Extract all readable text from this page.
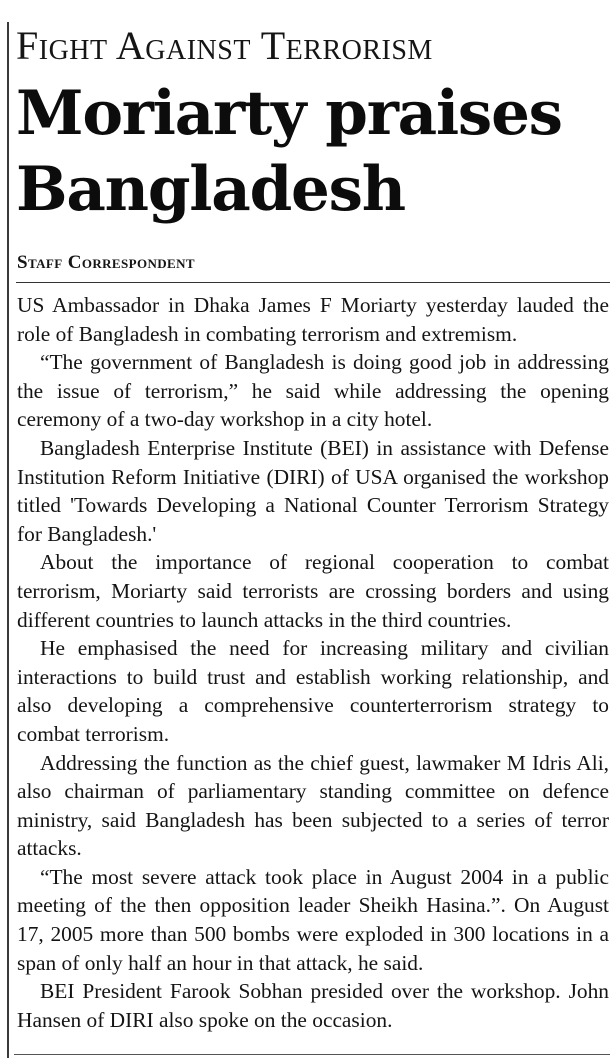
Fight Against Terrorism
Moriarty praises Bangladesh
Staff Correspondent

US Ambassador in Dhaka James F Moriarty yesterday lauded the role of Bangladesh in combating terrorism and extremism.

“The government of Bangladesh is doing good job in addressing the issue of terrorism,” he said while addressing the opening ceremony of a two-day workshop in a city hotel.

Bangladesh Enterprise Institute (BEI) in assistance with Defense Institution Reform Initiative (DIRI) of USA organised the workshop titled 'Towards Developing a National Counter Terrorism Strategy for Bangladesh.'

About the importance of regional cooperation to combat terrorism, Moriarty said terrorists are crossing borders and using different countries to launch attacks in the third countries.

He emphasised the need for increasing military and civilian interactions to build trust and establish working relationship, and also developing a comprehensive counterterrorism strategy to combat terrorism.

Addressing the function as the chief guest, lawmaker M Idris Ali, also chairman of parliamentary standing committee on defence ministry, said Bangladesh has been subjected to a series of terror attacks.

“The most severe attack took place in August 2004 in a public meeting of the then opposition leader Sheikh Hasina.”. On August 17, 2005 more than 500 bombs were exploded in 300 locations in a span of only half an hour in that attack, he said.

BEI President Farook Sobhan presided over the workshop. John Hansen of DIRI also spoke on the occasion.
